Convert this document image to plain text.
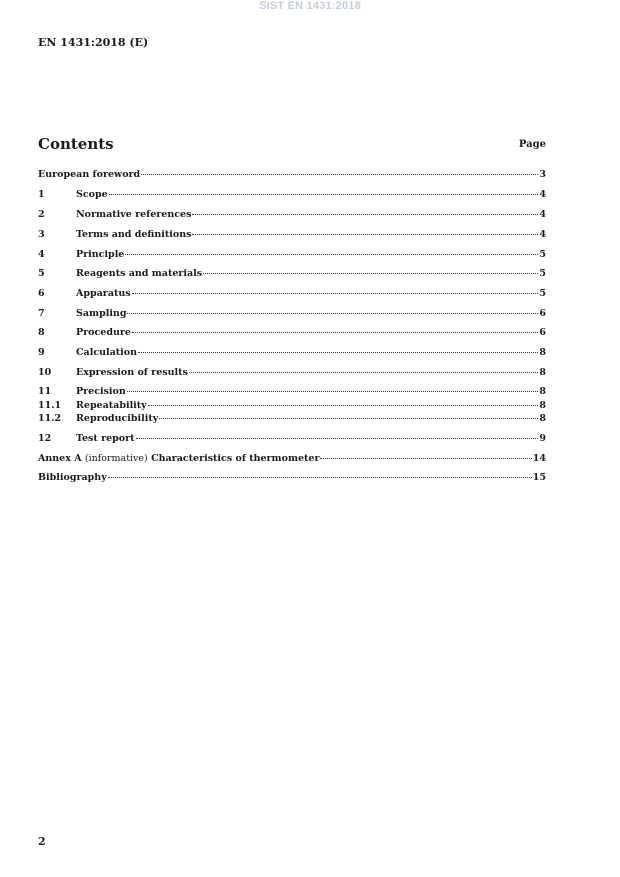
SIST EN 1431:2018
EN 1431:2018 (E)
Contents	Page
European foreword	3
1	Scope	4
2	Normative references	4
3	Terms and definitions	4
4	Principle	5
5	Reagents and materials	5
6	Apparatus	5
7	Sampling	6
8	Procedure	6
9	Calculation	8
10	Expression of results	8
11	Precision	8
11.1	Repeatability	8
11.2	Reproducibility	8
12	Test report	9
Annex A (informative) Characteristics of thermometer	14
Bibliography	15
2
